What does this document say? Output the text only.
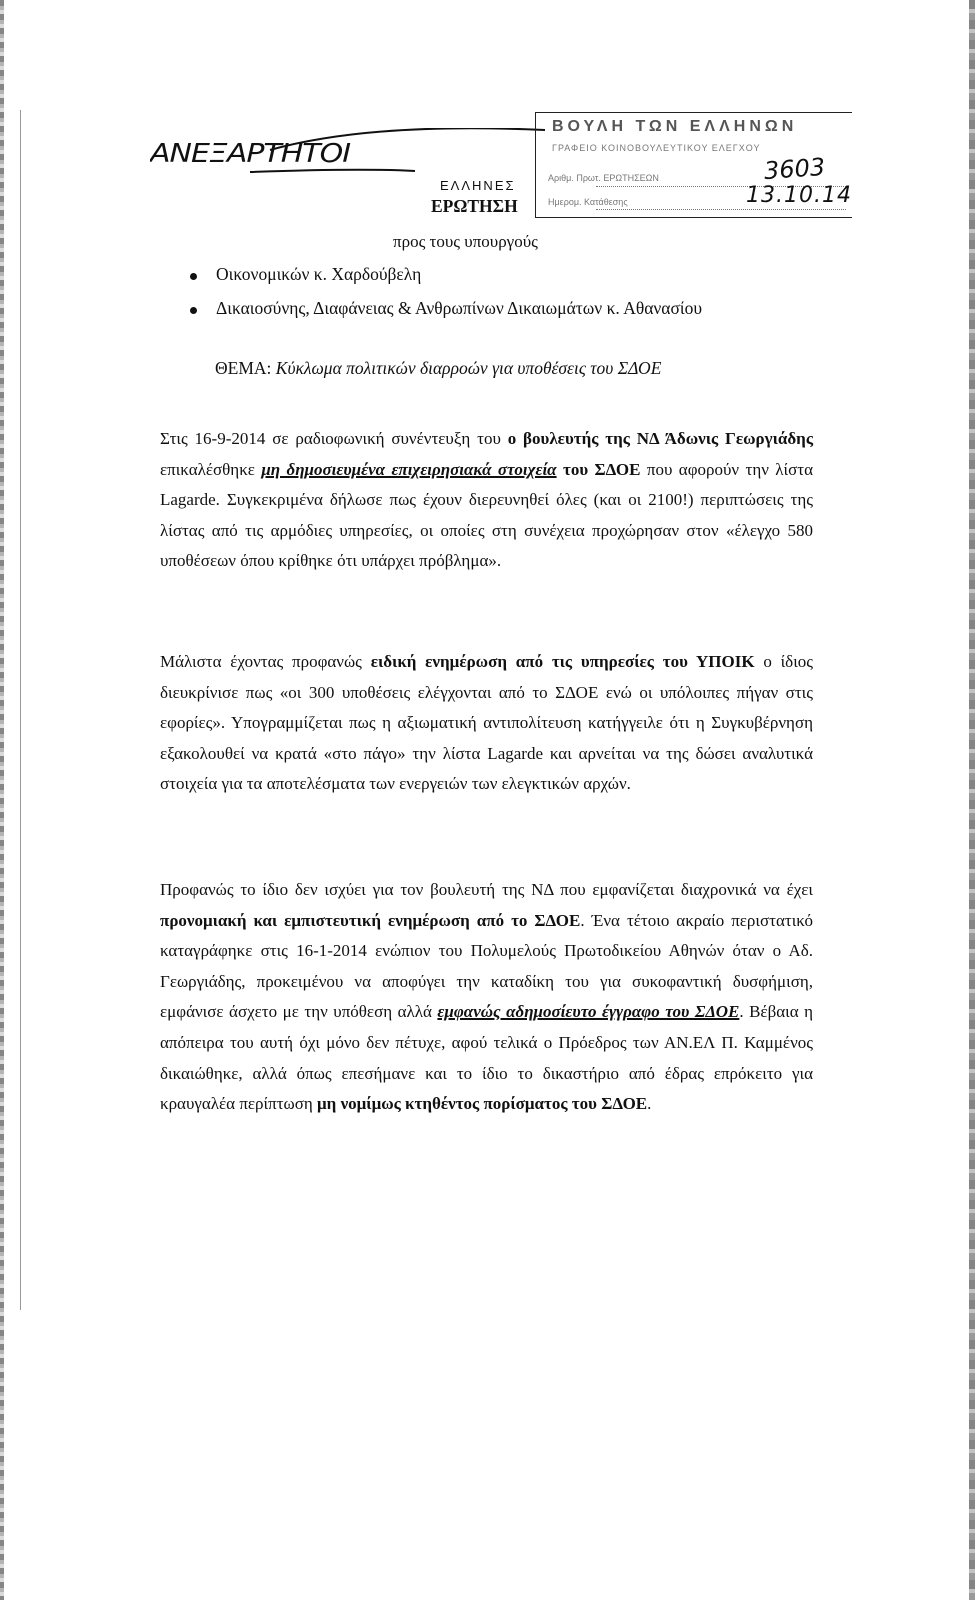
ΑΝΕΞΑΡΤΗΤΟΙ
ΕΛΛΗΝΕΣ
ΕΡΩΤΗΣΗ
ΒΟΥΛΗ ΤΩΝ ΕΛΛΗΝΩΝ
ΓΡΑΦΕΙΟ ΚΟΙΝΟΒΟΥΛΕΥΤΙΚΟΥ ΕΛΕΓΧΟΥ
Αριθμ. Πρωτ. ΕΡΩΤΗΣΕΩΝ
Ημερομ. Κατάθεσης
3603
13.10.14
προς τους υπουργούς
Οικονομικών κ. Χαρδούβελη
Δικαιοσύνης, Διαφάνειας & Ανθρωπίνων Δικαιωμάτων κ. Αθανασίου
ΘΕΜΑ: Κύκλωμα πολιτικών διαρροών για υποθέσεις του ΣΔΟΕ

Στις 16-9-2014 σε ραδιοφωνική συνέντευξη του ο βουλευτής της ΝΔ Άδωνις Γεωργιάδης επικαλέσθηκε μη δημοσιευμένα επιχειρησιακά στοιχεία του ΣΔΟΕ που αφορούν την λίστα Lagarde. Συγκεκριμένα δήλωσε πως έχουν διερευνηθεί όλες (και οι 2100!) περιπτώσεις της λίστας από τις αρμόδιες υπηρεσίες, οι οποίες στη συνέχεια προχώρησαν στον «έλεγχο 580 υποθέσεων όπου κρίθηκε ότι υπάρχει πρόβλημα».

Μάλιστα έχοντας προφανώς ειδική ενημέρωση από τις υπηρεσίες του ΥΠΟΙΚ ο ίδιος διευκρίνισε πως «οι 300 υποθέσεις ελέγχονται από το ΣΔΟΕ ενώ οι υπόλοιπες πήγαν στις εφορίες». Υπογραμμίζεται πως η αξιωματική αντιπολίτευση κατήγγειλε ότι η Συγκυβέρνηση εξακολουθεί να κρατά «στο πάγο» την λίστα Lagarde και αρνείται να της δώσει αναλυτικά στοιχεία για τα αποτελέσματα των ενεργειών των ελεγκτικών αρχών.

Προφανώς το ίδιο δεν ισχύει για τον βουλευτή της ΝΔ που εμφανίζεται διαχρονικά να έχει προνομιακή και εμπιστευτική ενημέρωση από το ΣΔΟΕ. Ένα τέτοιο ακραίο περιστατικό καταγράφηκε στις 16-1-2014 ενώπιον του Πολυμελούς Πρωτοδικείου Αθηνών όταν ο Αδ. Γεωργιάδης, προκειμένου να αποφύγει την καταδίκη του για συκοφαντική δυσφήμιση, εμφάνισε άσχετο με την υπόθεση αλλά εμφανώς αδημοσίευτο έγγραφο του ΣΔΟΕ. Βέβαια η απόπειρα του αυτή όχι μόνο δεν πέτυχε, αφού τελικά ο Πρόεδρος των ΑΝ.ΕΛ Π. Καμμένος δικαιώθηκε, αλλά όπως επεσήμανε και το ίδιο το δικαστήριο από έδρας επρόκειτο για κραυγαλέα περίπτωση μη νομίμως κτηθέντος πορίσματος του ΣΔΟΕ.
